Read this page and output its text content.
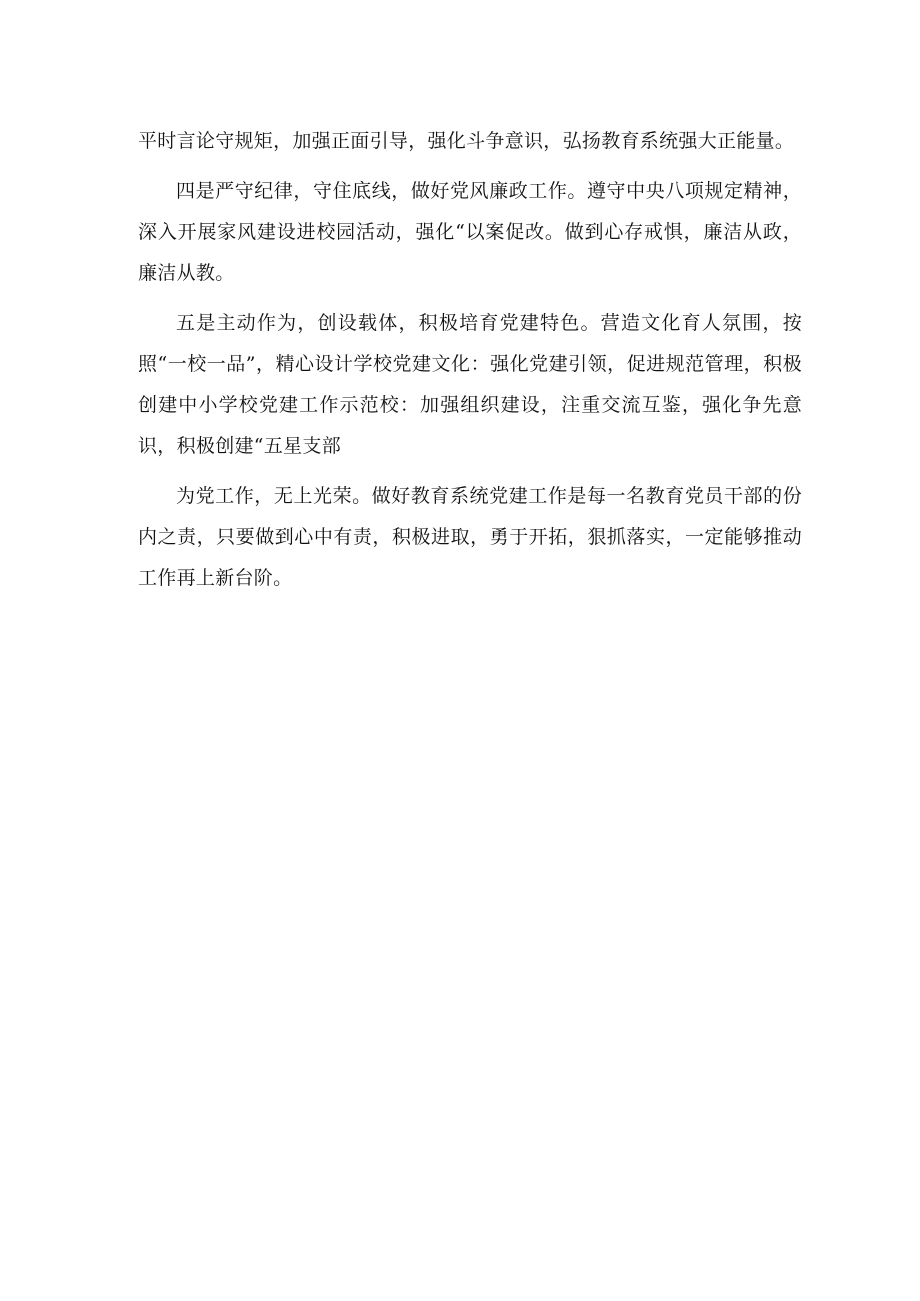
平时言论守规矩，加强正面引导，强化斗争意识，弘扬教育系统强大正能量。

四是严守纪律，守住底线，做好党风廉政工作。遵守中央八项规定精神，深入开展家风建设进校园活动，强化“以案促改。做到心存戒惧，廉洁从政，廉洁从教。

五是主动作为，创设载体，积极培育党建特色。营造文化育人氛围，按照“一校一品”，精心设计学校党建文化：强化党建引领，促进规范管理，积极创建中小学校党建工作示范校：加强组织建设，注重交流互鉴，强化争先意识，积极创建“五星支部

为党工作，无上光荣。做好教育系统党建工作是每一名教育党员干部的份内之责，只要做到心中有责，积极进取，勇于开拓，狠抓落实，一定能够推动工作再上新台阶。
